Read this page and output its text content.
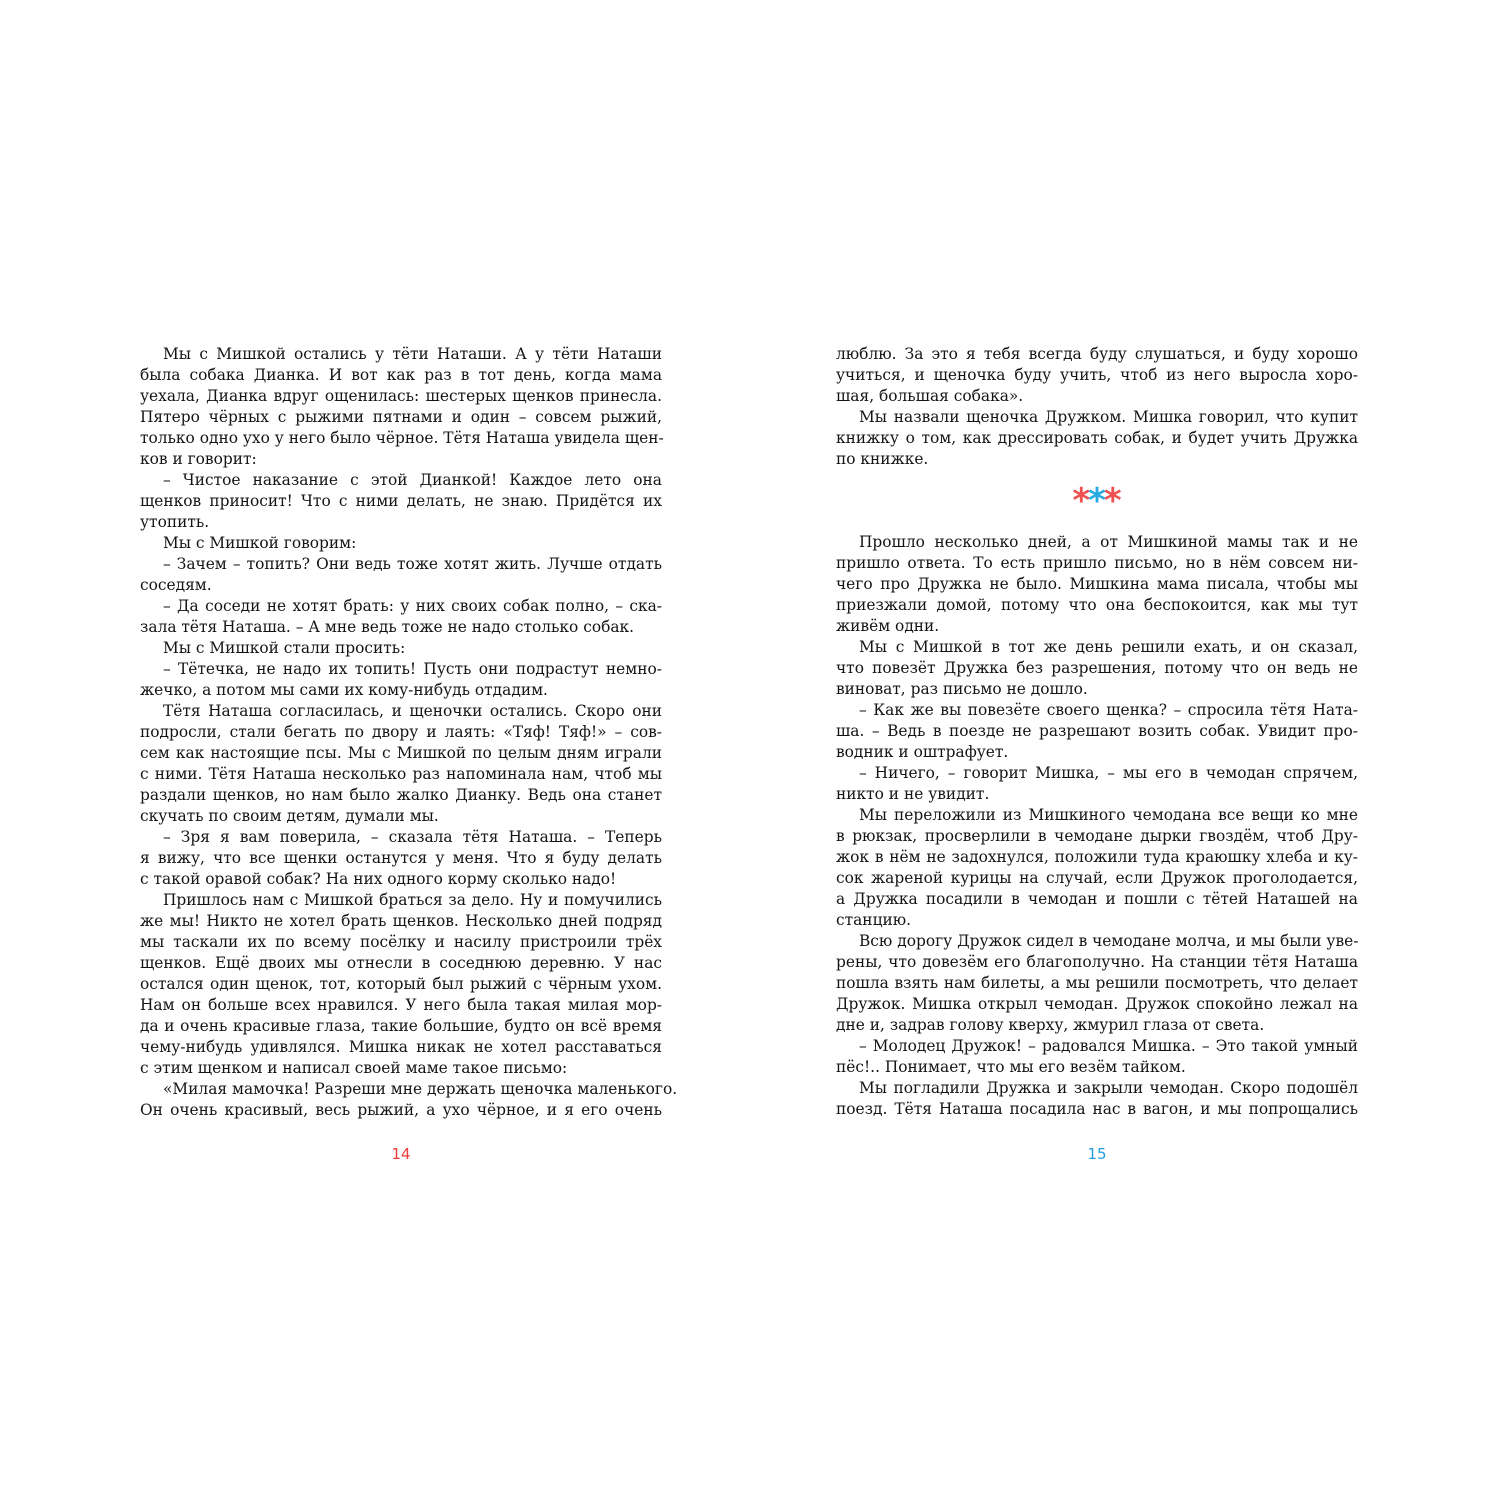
Мы с Мишкой остались у тёти Наташи. А у тёти Наташи
была собака Дианка. И вот как раз в тот день, когда мама
уехала, Дианка вдруг ощенилась: шестерых щенков принесла.
Пятеро чёрных с рыжими пятнами и один – совсем рыжий,
только одно ухо у него было чёрное. Тётя Наташа увидела щен-
ков и говорит:
– Чистое наказание с этой Дианкой! Каждое лето она
щенков приносит! Что с ними делать, не знаю. Придётся их
утопить.
Мы с Мишкой говорим:
– Зачем – топить? Они ведь тоже хотят жить. Лучше отдать
соседям.
– Да соседи не хотят брать: у них своих собак полно, – ска-
зала тётя Наташа. – А мне ведь тоже не надо столько собак.
Мы с Мишкой стали просить:
– Тётечка, не надо их топить! Пусть они подрастут немно-
жечко, а потом мы сами их кому-нибудь отдадим.
Тётя Наташа согласилась, и щеночки остались. Скоро они
подросли, стали бегать по двору и лаять: «Тяф! Тяф!» – сов-
сем как настоящие псы. Мы с Мишкой по целым дням играли
с ними. Тётя Наташа несколько раз напоминала нам, чтоб мы
раздали щенков, но нам было жалко Дианку. Ведь она станет
скучать по своим детям, думали мы.
– Зря я вам поверила, – сказала тётя Наташа. – Теперь
я вижу, что все щенки останутся у меня. Что я буду делать
с такой оравой собак? На них одного корму сколько надо!
Пришлось нам с Мишкой браться за дело. Ну и помучились
же мы! Никто не хотел брать щенков. Несколько дней подряд
мы таскали их по всему посёлку и насилу пристроили трёх
щенков. Ещё двоих мы отнесли в соседнюю деревню. У нас
остался один щенок, тот, который был рыжий с чёрным ухом.
Нам он больше всех нравился. У него была такая милая мор-
да и очень красивые глаза, такие большие, будто он всё время
чему-нибудь удивлялся. Мишка никак не хотел расставаться
с этим щенком и написал своей маме такое письмо:
«Милая мамочка! Разреши мне держать щеночка маленького.
Он очень красивый, весь рыжий, а ухо чёрное, и я его очень
14
люблю. За это я тебя всегда буду слушаться, и буду хорошо
учиться, и щеночка буду учить, чтоб из него выросла хоро-
шая, большая собака».
Мы назвали щеночка Дружком. Мишка говорил, что купит
книжку о том, как дрессировать собак, и будет учить Дружка
по книжке.
***
Прошло несколько дней, а от Мишкиной мамы так и не
пришло ответа. То есть пришло письмо, но в нём совсем ни-
чего про Дружка не было. Мишкина мама писала, чтобы мы
приезжали домой, потому что она беспокоится, как мы тут
живём одни.
Мы с Мишкой в тот же день решили ехать, и он сказал,
что повезёт Дружка без разрешения, потому что он ведь не
виноват, раз письмо не дошло.
– Как же вы повезёте своего щенка? – спросила тётя Ната-
ша. – Ведь в поезде не разрешают возить собак. Увидит про-
водник и оштрафует.
– Ничего, – говорит Мишка, – мы его в чемодан спрячем,
никто и не увидит.
Мы переложили из Мишкиного чемодана все вещи ко мне
в рюкзак, просверлили в чемодане дырки гвоздём, чтоб Дру-
жок в нём не задохнулся, положили туда краюшку хлеба и ку-
сок жареной курицы на случай, если Дружок проголодается,
а Дружка посадили в чемодан и пошли с тётей Наташей на
станцию.
Всю дорогу Дружок сидел в чемодане молча, и мы были уве-
рены, что довезём его благополучно. На станции тётя Наташа
пошла взять нам билеты, а мы решили посмотреть, что делает
Дружок. Мишка открыл чемодан. Дружок спокойно лежал на
дне и, задрав голову кверху, жмурил глаза от света.
– Молодец Дружок! – радовался Мишка. – Это такой умный
пёс!.. Понимает, что мы его везём тайком.
Мы погладили Дружка и закрыли чемодан. Скоро подошёл
поезд. Тётя Наташа посадила нас в вагон, и мы попрощались
15
